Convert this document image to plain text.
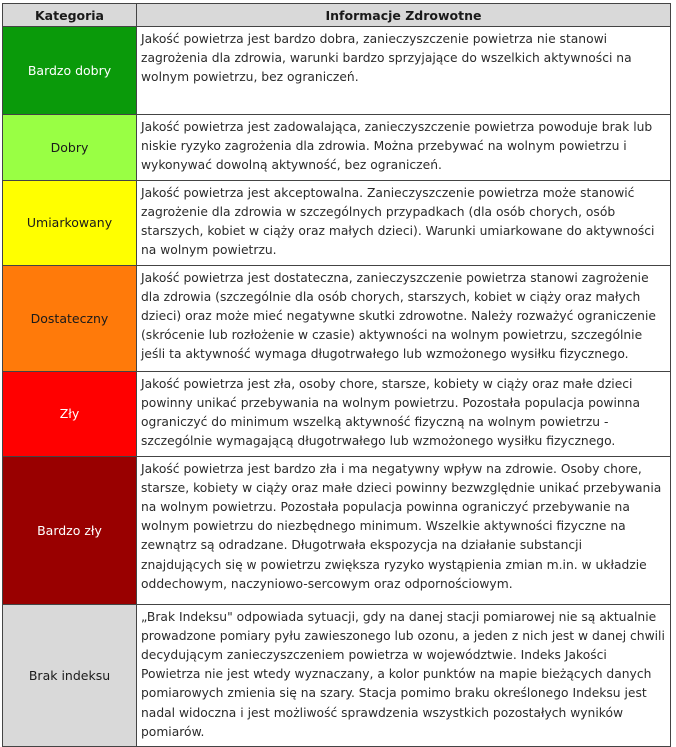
Kategoria	Informacje Zdrowotne
Bardzo dobry	Jakość powietrza jest bardzo dobra, zanieczyszczenie powietrza nie stanowi zagrożenia dla zdrowia, warunki bardzo sprzyjające do wszelkich aktywności na wolnym powietrzu, bez ograniczeń.
Dobry	Jakość powietrza jest zadowalająca, zanieczyszczenie powietrza powoduje brak lub niskie ryzyko zagrożenia dla zdrowia. Można przebywać na wolnym powietrzu i wykonywać dowolną aktywność, bez ograniczeń.
Umiarkowany	Jakość powietrza jest akceptowalna. Zanieczyszczenie powietrza może stanowić zagrożenie dla zdrowia w szczególnych przypadkach (dla osób chorych, osób starszych, kobiet w ciąży oraz małych dzieci). Warunki umiarkowane do aktywności na wolnym powietrzu.
Dostateczny	Jakość powietrza jest dostateczna, zanieczyszczenie powietrza stanowi zagrożenie dla zdrowia (szczególnie dla osób chorych, starszych, kobiet w ciąży oraz małych dzieci) oraz może mieć negatywne skutki zdrowotne. Należy rozważyć ograniczenie (skrócenie lub rozłożenie w czasie) aktywności na wolnym powietrzu, szczególnie jeśli ta aktywność wymaga długotrwałego lub wzmożonego wysiłku fizycznego.
Zły	Jakość powietrza jest zła, osoby chore, starsze, kobiety w ciąży oraz małe dzieci powinny unikać przebywania na wolnym powietrzu. Pozostała populacja powinna ograniczyć do minimum wszelką aktywność fizyczną na wolnym powietrzu - szczególnie wymagającą długotrwałego lub wzmożonego wysiłku fizycznego.
Bardzo zły	Jakość powietrza jest bardzo zła i ma negatywny wpływ na zdrowie. Osoby chore, starsze, kobiety w ciąży oraz małe dzieci powinny bezwzględnie unikać przebywania na wolnym powietrzu. Pozostała populacja powinna ograniczyć przebywanie na wolnym powietrzu do niezbędnego minimum. Wszelkie aktywności fizyczne na zewnątrz są odradzane. Długotrwała ekspozycja na działanie substancji znajdujących się w powietrzu zwiększa ryzyko wystąpienia zmian m.in. w układzie oddechowym, naczyniowo-sercowym oraz odpornościowym.
Brak indeksu	„Brak Indeksu" odpowiada sytuacji, gdy na danej stacji pomiarowej nie są aktualnie prowadzone pomiary pyłu zawieszonego lub ozonu, a jeden z nich jest w danej chwili decydującym zanieczyszczeniem powietrza w województwie. Indeks Jakości Powietrza nie jest wtedy wyznaczany, a kolor punktów na mapie bieżących danych pomiarowych zmienia się na szary. Stacja pomimo braku określonego Indeksu jest nadal widoczna i jest możliwość sprawdzenia wszystkich pozostałych wyników pomiarów.
